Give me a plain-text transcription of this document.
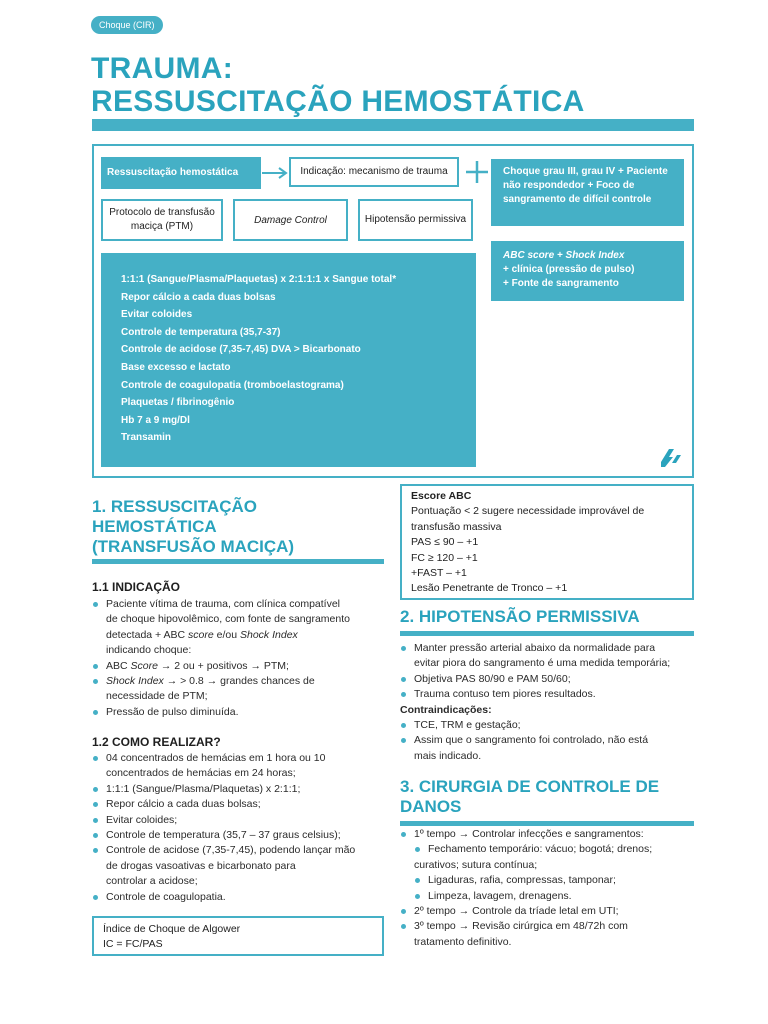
Choque (CIR)
TRAUMA:
RESSUSCITAÇÃO HEMOSTÁTICA
Ressuscitação hemostática	Indicação: mecanismo de trauma
Protocolo de transfusão maciça (PTM)
Damage Control	Hipotensão permissiva
Choque grau III, grau IV + Paciente não respondedor + Foco de sangramento de difícil controle
ABC score + Shock Index
+ clínica (pressão de pulso)
+ Fonte de sangramento
1:1:1 (Sangue/Plasma/Plaquetas) x 2:1:1:1 x Sangue total*
Repor cálcio a cada duas bolsas
Evitar coloides
Controle de temperatura (35,7-37)
Controle de acidose (7,35-7,45) DVA > Bicarbonato
Base excesso e lactato
Controle de coagulopatia (tromboelastograma)
Plaquetas / fibrinogênio
Hb 7 a 9 mg/Dl
Transamin
1. RESSUSCITAÇÃO
HEMOSTÁTICA
(TRANSFUSÃO MACIÇA)
1.1 INDICAÇÃO
Paciente vítima de trauma, com clínica compatível
de choque hipovolêmico, com fonte de sangramento
detectada + ABC score e/ou Shock Index
indicando choque:
ABC Score → 2 ou + positivos → PTM;
Shock Index → > 0.8 → grandes chances de
necessidade de PTM;
Pressão de pulso diminuída.
1.2 COMO REALIZAR?
04 concentrados de hemácias em 1 hora ou 10
concentrados de hemácias em 24 horas;
1:1:1 (Sangue/Plasma/Plaquetas) x 2:1:1;
Repor cálcio a cada duas bolsas;
Evitar coloides;
Controle de temperatura (35,7 – 37 graus celsius);
Controle de acidose (7,35-7,45), podendo lançar mão
de drogas vasoativas e bicarbonato para
controlar a acidose;
Controle de coagulopatia.
Índice de Choque de Algower
IC = FC/PAS
Escore ABC
Pontuação < 2 sugere necessidade improvável de
transfusão massiva
PAS ≤ 90 – +1
FC ≥ 120 – +1
+FAST – +1
Lesão Penetrante de Tronco – +1
2. HIPOTENSÃO PERMISSIVA
Manter pressão arterial abaixo da normalidade para
evitar piora do sangramento é uma medida temporária;
Objetiva PAS 80/90 e PAM 50/60;
Trauma contuso tem piores resultados.
Contraindicações:
TCE, TRM e gestação;
Assim que o sangramento foi controlado, não está
mais indicado.
3. CIRURGIA DE CONTROLE DE
DANOS
1º tempo → Controlar infecções e sangramentos:
Fechamento temporário: vácuo; bogotá; drenos;
curativos; sutura contínua;
Ligaduras, rafia, compressas, tamponar;
Limpeza, lavagem, drenagens.
2º tempo → Controle da tríade letal em UTI;
3º tempo → Revisão cirúrgica em 48/72h com
tratamento definitivo.
